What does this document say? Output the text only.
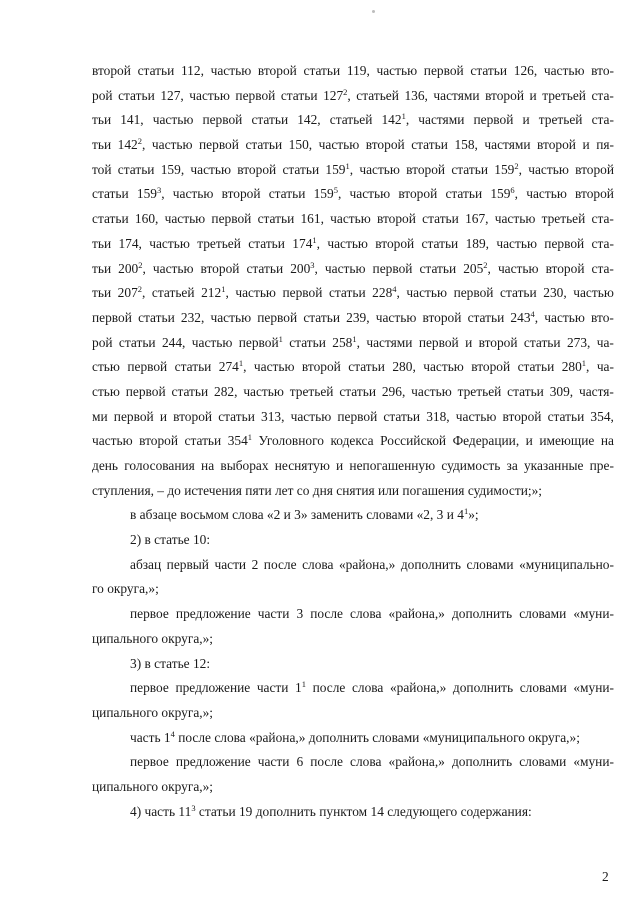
второй статьи 112, частью второй статьи 119, частью первой статьи 126, частью вто-
рой статьи 127, частью первой статьи $127^2$, статьей 136, частями второй и третьей ста-
тьи 141, частью первой статьи 142, статьей $142^1$, частями первой и третьей ста-
тьи $142^2$, частью первой статьи 150, частью второй статьи 158, частями второй и пя-
той статьи 159, частью второй статьи $159^1$, частью второй статьи $159^2$, частью второй
статьи $159^3$, частью второй статьи $159^5$, частью второй статьи $159^6$, частью второй
статьи 160, частью первой статьи 161, частью второй статьи 167, частью третьей ста-
тьи 174, частью третьей статьи $174^1$, частью второй статьи 189, частью первой ста-
тьи $200^2$, частью второй статьи $200^3$, частью первой статьи $205^2$, частью второй ста-
тьи $207^2$, статьей $212^1$, частью первой статьи $228^4$, частью первой статьи 230, частью
первой статьи 232, частью первой статьи 239, частью второй статьи $243^4$, частью вто-
рой статьи 244, частью первой$^1$ статьи $258^1$, частями первой и второй статьи 273, ча-
стью первой статьи $274^1$, частью второй статьи 280, частью второй статьи $280^1$, ча-
стью первой статьи 282, частью третьей статьи 296, частью третьей статьи 309, частя-
ми первой и второй статьи 313, частью первой статьи 318, частью второй статьи 354,
частью второй статьи $354^1$ Уголовного кодекса Российской Федерации, и имеющие на
день голосования на выборах неснятую и непогашенную судимость за указанные пре-
ступления, – до истечения пяти лет со дня снятия или погашения судимости;»;
в абзаце восьмом слова «2 и 3» заменить словами «2, 3 и $4^1$»;
2) в статье 10:
абзац первый части 2 после слова «района,» дополнить словами «муниципально-
го округа,»;
первое предложение части 3 после слова «района,» дополнить словами «муни-
ципального округа,»;
3) в статье 12:
первое предложение части $1^1$ после слова «района,» дополнить словами «муни-
ципального округа,»;
часть $1^4$ после слова «района,» дополнить словами «муниципального округа,»;
первое предложение части 6 после слова «района,» дополнить словами «муни-
ципального округа,»;
4) часть $11^3$ статьи 19 дополнить пунктом 14 следующего содержания:
2
